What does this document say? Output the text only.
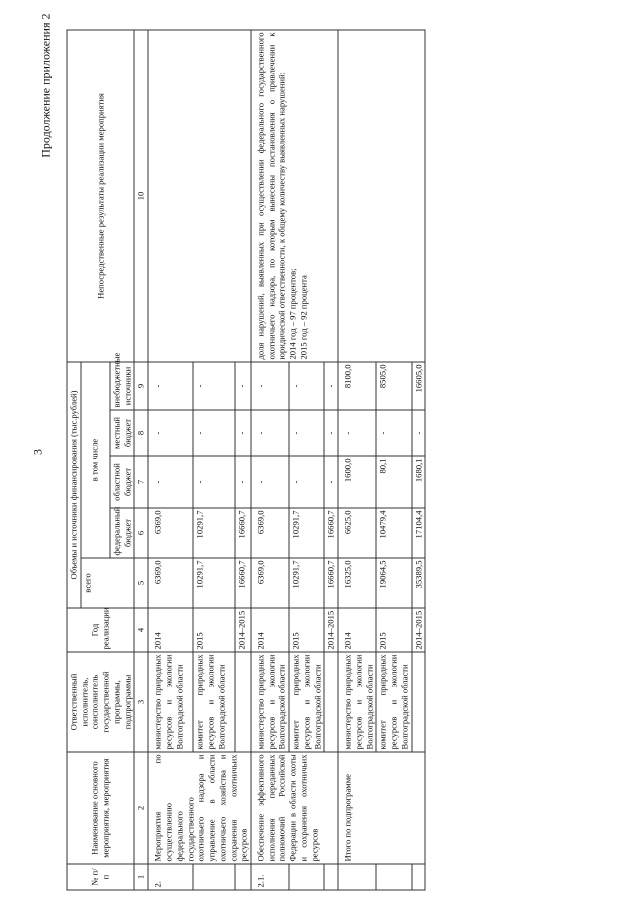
3
Продолжение приложения 2
№ п/п	Наименование основного мероприятия, мероприятия	Ответственный исполнитель, соисполнитель государственной программы, подпрограммы	Год реализации	Объемы и источники финансирования (тыс.рублей)					Непосредственные результаты реализации мероприятия
				всего	в том числе				
					федеральный бюджет	областной бюджет	местный бюджет	внебюджетные источники	
1	2	3	4	5	6	7	8	9	10
2.	Мероприятия по осуществлению федерального государственного охотничьего надзора и управление в области охотничьего хозяйства и сохранения охотничьих ресурсов	министерство природных ресурсов и экологии Волгоградской области	2014	6369,0	6369,0	-	-	-	
		комитет природных ресурсов и экологии Волгоградской области	2015	10291,7	10291,7	-	-	-	
			2014–2015	16660,7	16660,7	-	-	-	
2.1.	Обеспечение эффективного исполнения переданных полномочий Российской Федерации в области охоты и сохранения охотничьих ресурсов	министерство природных ресурсов и экологии Волгоградской области	2014	6369,0	6369,0	-	-	-	доля нарушений, выявленных при осуществлении федерального государственного охотничьего надзора, по которым вынесены постановления о привлечении к юридической ответственности, к общему количеству выявленных нарушений: 2014 год – 97 процентов; 2015 год – 92 процента

		комитет природных ресурсов и экологии Волгоградской области	2015	10291,7	10291,7	-	-	-	
			2014–2015	16660,7	16660,7	-	-	-	
	Итого по подпрограмме	министерство природных ресурсов и экологии Волгоградской области	2014	16325,0	6625,0	1600,0	-	8100,0	
		комитет природных ресурсов и экологии Волгоградской области	2015	19064,5	10479,4	80,1	-	8505,0	
			2014–2015	35389,5	17104,4	1680,1	-	16605,0	
